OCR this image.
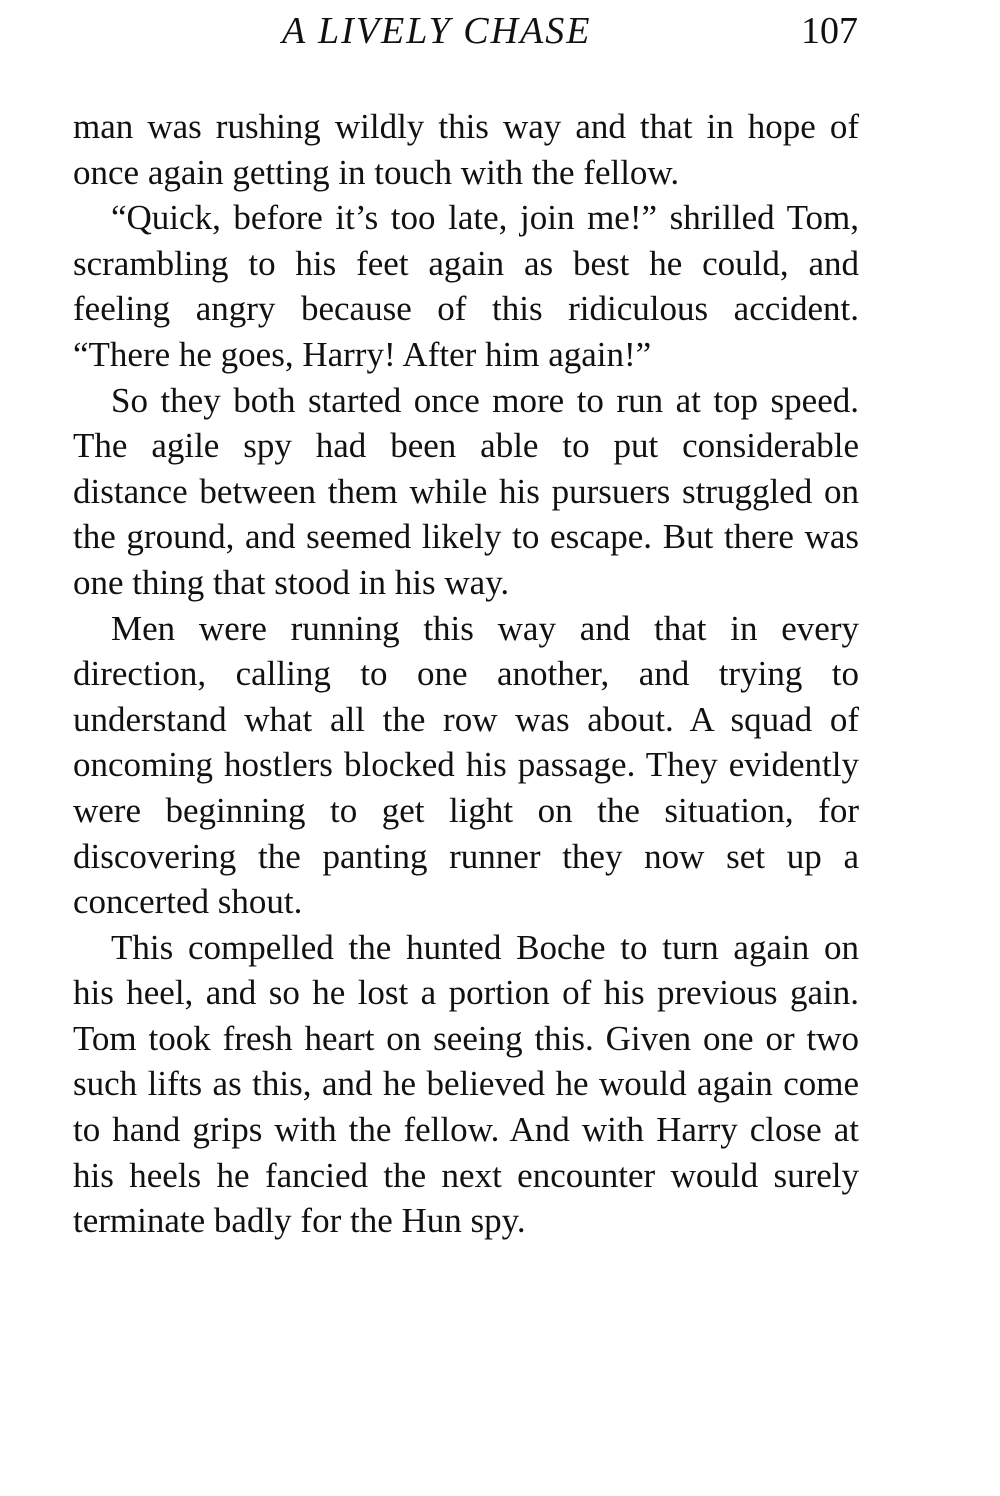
A LIVELY CHASE	107

man was rushing wildly this way and that in hope of once again getting in touch with the fellow.

“Quick, before it’s too late, join me!” shrilled Tom, scrambling to his feet again as best he could, and feeling angry because of this ridiculous accident. “There he goes, Harry! After him again!”

So they both started once more to run at top speed. The agile spy had been able to put considerable distance between them while his pursuers struggled on the ground, and seemed likely to escape. But there was one thing that stood in his way.

Men were running this way and that in every direction, calling to one another, and trying to understand what all the row was about. A squad of oncoming hostlers blocked his passage. They evidently were beginning to get light on the situation, for discovering the panting runner they now set up a concerted shout.

This compelled the hunted Boche to turn again on his heel, and so he lost a portion of his previous gain. Tom took fresh heart on seeing this. Given one or two such lifts as this, and he believed he would again come to hand grips with the fellow. And with Harry close at his heels he fancied the next encounter would surely terminate badly for the Hun spy.
